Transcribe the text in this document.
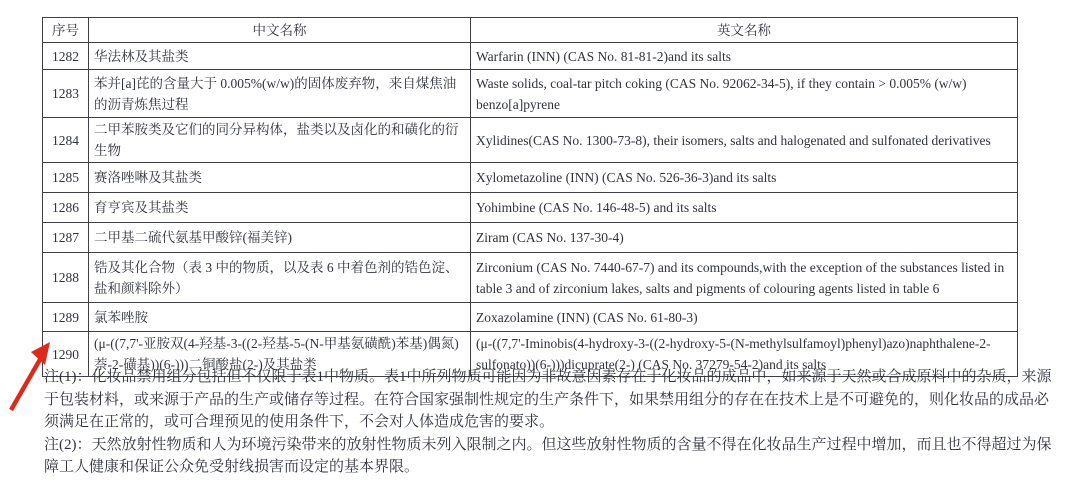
序号	中文名称	英文名称
1282	华法林及其盐类	Warfarin (INN) (CAS No. 81-81-2)and its salts
1283	苯并[a]芘的含量大于 0.005%(w/w)的固体废弃物，来自煤焦油的沥青炼焦过程	Waste solids, coal-tar pitch coking (CAS No. 92062-34-5), if they contain > 0.005% (w/w) benzo[a]pyrene
1284	二甲苯胺类及它们的同分异构体，盐类以及卤化的和磺化的衍生物	Xylidines(CAS No. 1300-73-8), their isomers, salts and halogenated and sulfonated derivatives
1285	赛洛唑啉及其盐类	Xylometazoline (INN) (CAS No. 526-36-3)and its salts
1286	育亨宾及其盐类	Yohimbine (CAS No. 146-48-5) and its salts
1287	二甲基二硫代氨基甲酸锌(福美锌)	Ziram (CAS No. 137-30-4)
1288	锆及其化合物（表 3 中的物质，以及表 6 中着色剂的锆色淀、盐和颜料除外）	Zirconium (CAS No. 7440-67-7) and its compounds,with the exception of the substances listed in table 3 and of zirconium lakes, salts and pigments of colouring agents listed in table 6
1289	氯苯唑胺	Zoxazolamine (INN) (CAS No. 61-80-3)
1290	(μ-((7,7'-亚胺双(4-羟基-3-((2-羟基-5-(N-甲基氨磺酰)苯基)偶氮)萘-2-磺基))(6-)))二铜酸盐(2-)及其盐类	(μ-((7,7'-Iminobis(4-hydroxy-3-((2-hydroxy-5-(N-methylsulfamoyl)phenyl)azo)naphthalene-2-sulfonato))(6-)))dicuprate(2-) (CAS No. 37279-54-2)and its salts

注(1)：化妆品禁用组分包括但不仅限于表1中物质。表1中所列物质可能因为非故意因素存在于化妆品的成品中，如来源于天然或合成原料中的杂质，来源于包装材料，或来源于产品的生产或储存等过程。在符合国家强制性规定的生产条件下，如果禁用组分的存在在技术上是不可避免的，则化妆品的成品必须满足在正常的，或可合理预见的使用条件下，不会对人体造成危害的要求。

注(2)：天然放射性物质和人为环境污染带来的放射性物质未列入限制之内。但这些放射性物质的含量不得在化妆品生产过程中增加，而且也不得超过为保障工人健康和保证公众免受射线损害而设定的基本界限。
